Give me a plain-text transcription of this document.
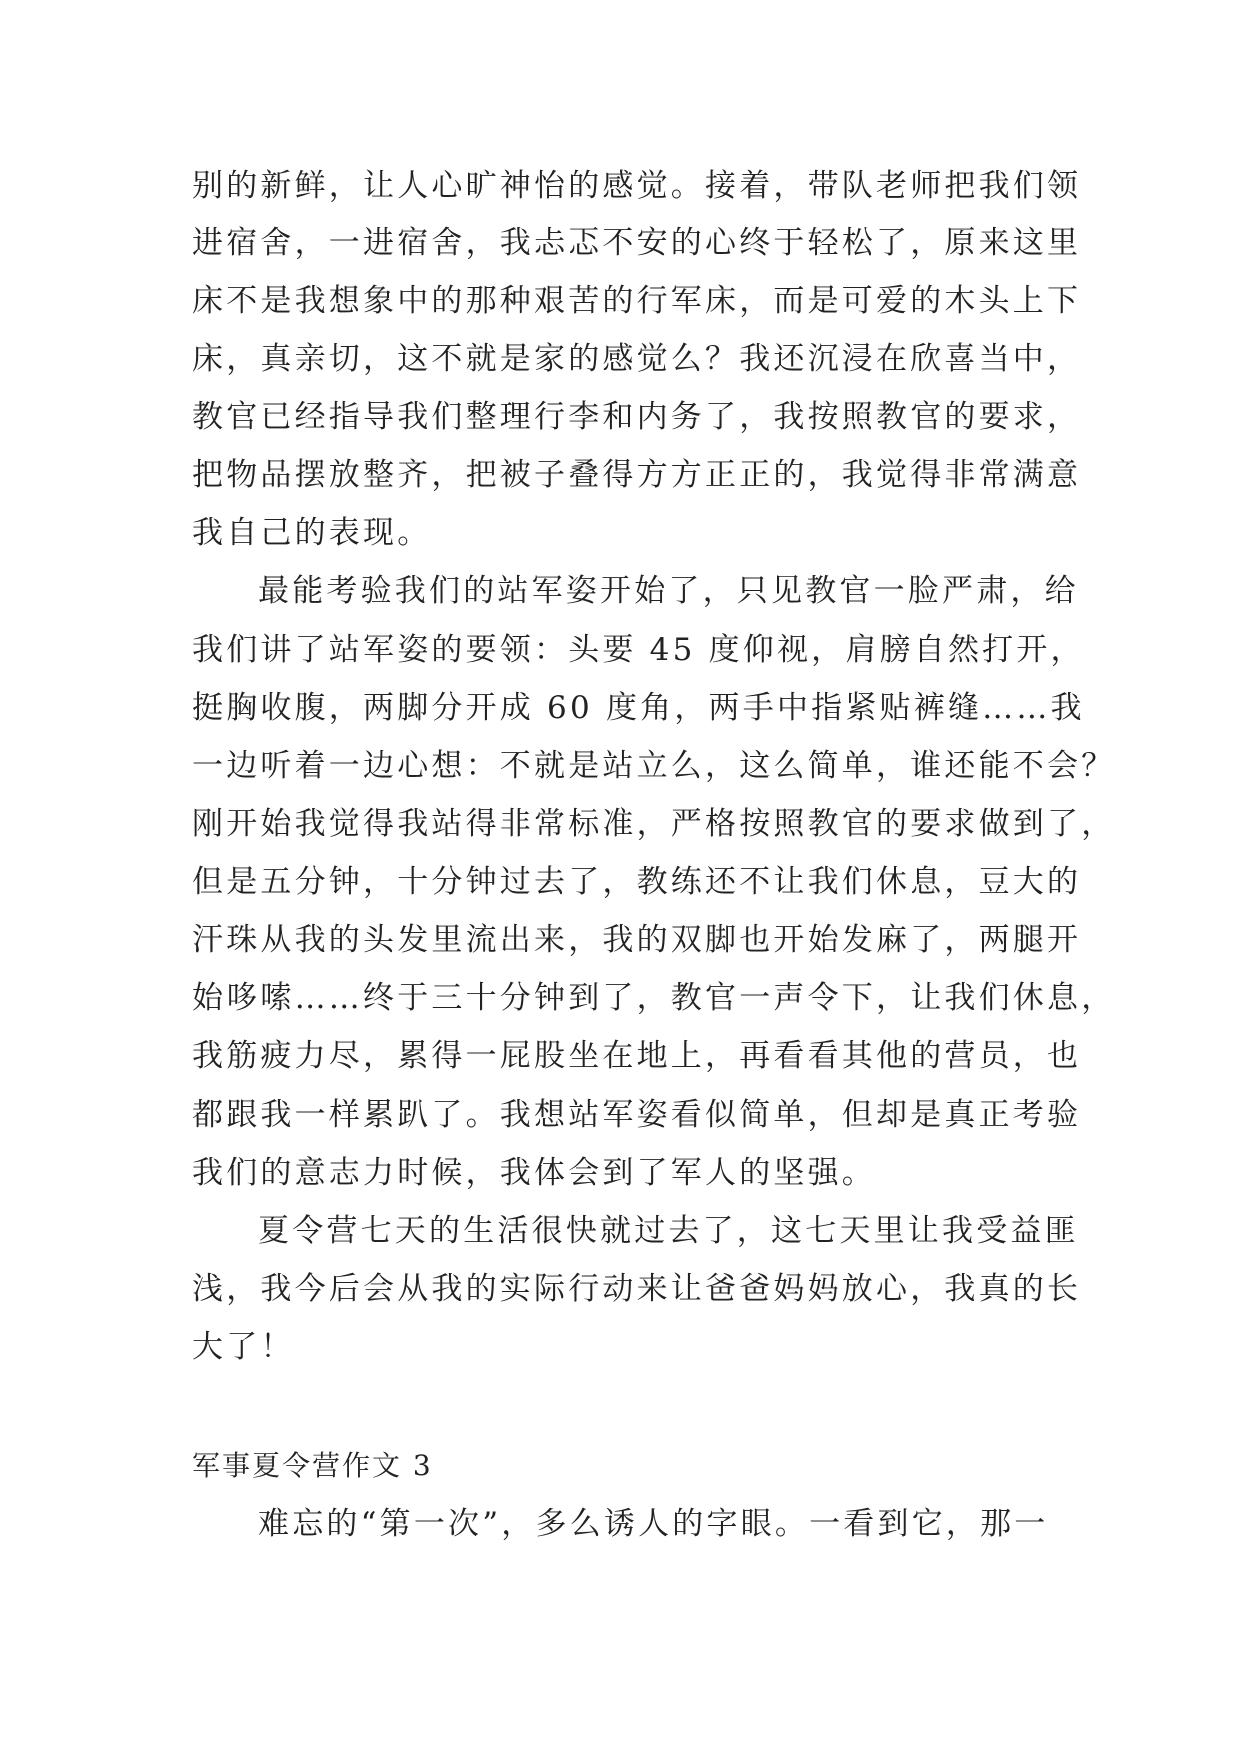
别的新鲜，让人心旷神怡的感觉。接着，带队老师把我们领
进宿舍，一进宿舍，我忐忑不安的心终于轻松了，原来这里
床不是我想象中的那种艰苦的行军床，而是可爱的木头上下
床，真亲切，这不就是家的感觉么？我还沉浸在欣喜当中，
教官已经指导我们整理行李和内务了，我按照教官的要求，
把物品摆放整齐，把被子叠得方方正正的，我觉得非常满意
我自己的表现。
最能考验我们的站军姿开始了，只见教官一脸严肃，给
我们讲了站军姿的要领：头要 45 度仰视，肩膀自然打开，
挺胸收腹，两脚分开成 60 度角，两手中指紧贴裤缝……我
一边听着一边心想：不就是站立么，这么简单，谁还能不会？
刚开始我觉得我站得非常标准，严格按照教官的要求做到了，
但是五分钟，十分钟过去了，教练还不让我们休息，豆大的
汗珠从我的头发里流出来，我的双脚也开始发麻了，两腿开
始哆嗦……终于三十分钟到了，教官一声令下，让我们休息，
我筋疲力尽，累得一屁股坐在地上，再看看其他的营员，也
都跟我一样累趴了。我想站军姿看似简单，但却是真正考验
我们的意志力时候，我体会到了军人的坚强。
夏令营七天的生活很快就过去了，这七天里让我受益匪
浅，我今后会从我的实际行动来让爸爸妈妈放心，我真的长
大了！
军事夏令营作文 3
难忘的“第一次”，多么诱人的字眼。一看到它，那一
